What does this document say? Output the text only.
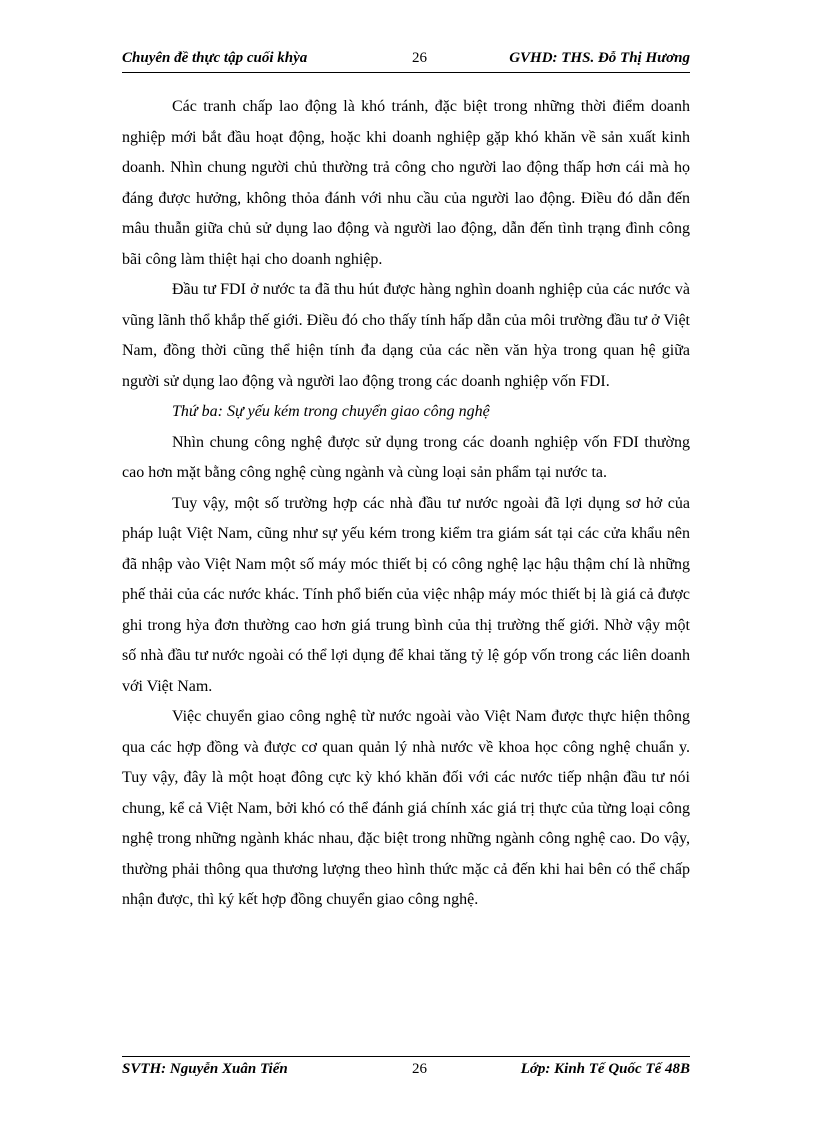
Chuyên đề thực tập cuối khỳa	26	GVHD: THS. Đỗ Thị Hương

Các tranh chấp lao động là khó tránh, đặc biệt trong những thời điểm doanh nghiệp mới bắt đầu hoạt động, hoặc khi doanh nghiệp gặp khó khăn về sản xuất kinh doanh. Nhìn chung người chủ thường trả công cho người lao động thấp hơn cái mà họ đáng được hưởng, không thỏa đánh với nhu cầu của người lao động. Điều đó dẫn đến mâu thuẫn giữa chủ sử dụng lao động và người lao động, dẫn đến tình trạng đình công bãi công làm thiệt hại cho doanh nghiệp.

Đầu tư FDI ở nước ta đã thu hút được hàng nghìn doanh nghiệp của các nước và vũng lãnh thổ khắp thế giới. Điều đó cho thấy tính hấp dẫn của môi trường đầu tư ở Việt Nam, đồng thời cũng thể hiện tính đa dạng của các nền văn hỳa trong quan hệ giữa người sử dụng lao động và người lao động trong các doanh nghiệp vốn FDI.

Thứ ba: Sự yếu kém trong chuyển giao công nghệ

Nhìn chung công nghệ được sử dụng trong các doanh nghiệp vốn FDI thường cao hơn mặt bằng công nghệ cùng ngành và cùng loại sản phẩm tại nước ta.

Tuy vậy, một số trường hợp các nhà đầu tư nước ngoài đã lợi dụng sơ hở của pháp luật Việt Nam, cũng như sự yếu kém trong kiểm tra giám sát tại các cửa khẩu nên đã nhập vào Việt Nam một số máy móc thiết bị có công nghệ lạc hậu thậm chí là những phế thải của các nước khác. Tính phổ biến của việc nhập máy móc thiết bị là giá cả được ghi trong hỳa đơn thường cao hơn giá trung bình của thị trường thế giới. Nhờ vậy một số nhà đầu tư nước ngoài có thể lợi dụng để khai tăng tỷ lệ góp vốn trong các liên doanh với Việt Nam.

Việc chuyển giao công nghệ từ nước ngoài vào Việt Nam được thực hiện thông qua các hợp đồng và được cơ quan quản lý nhà nước về khoa học công nghệ chuẩn y. Tuy vậy, đây là một hoạt đông cực kỳ khó khăn đối với các nước tiếp nhận đầu tư nói chung, kể cả Việt Nam, bởi khó có thể đánh giá chính xác giá trị thực của từng loại công nghệ trong những ngành khác nhau, đặc biệt trong những ngành công nghệ cao. Do vậy, thường phải thông qua thương lượng theo hình thức mặc cả đến khi hai bên có thể chấp nhận được, thì ký kết hợp đồng chuyển giao công nghệ.

SVTH: Nguyễn Xuân Tiến	26	Lớp: Kinh Tế Quốc Tế 48B
